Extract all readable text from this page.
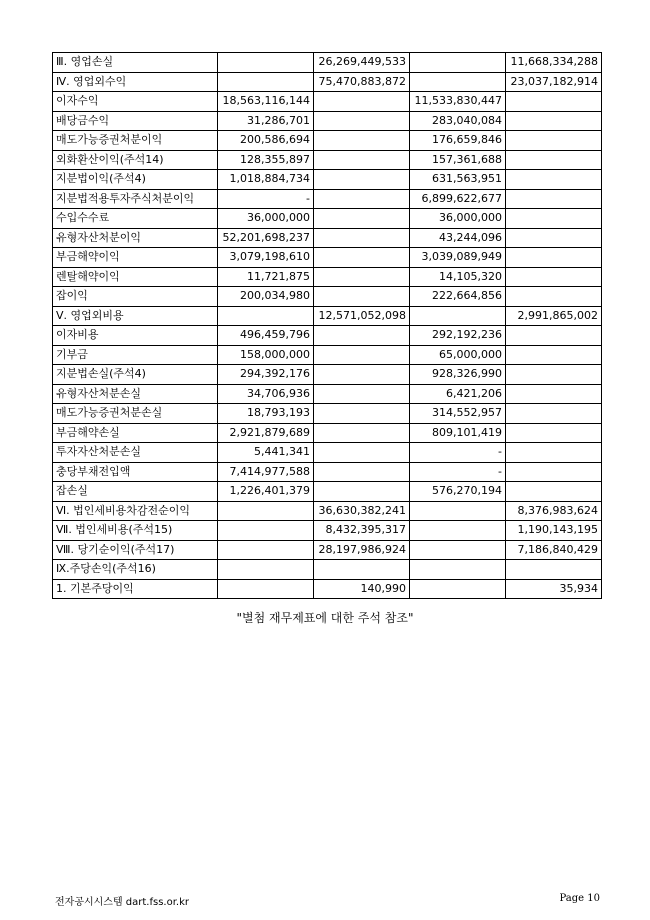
Ⅲ. 영업손실		26,269,449,533		11,668,334,288
Ⅳ. 영업외수익		75,470,883,872		23,037,182,914
이자수익	18,563,116,144		11,533,830,447	
배당금수익	31,286,701		283,040,084	
매도가능증권처분이익	200,586,694		176,659,846	
외화환산이익(주석14)	128,355,897		157,361,688	
지분법이익(주석4)	1,018,884,734		631,563,951	
지분법적용투자주식처분이익	-		6,899,622,677	
수입수수료	36,000,000		36,000,000	
유형자산처분이익	52,201,698,237		43,244,096	
부금해약이익	3,079,198,610		3,039,089,949	
렌탈해약이익	11,721,875		14,105,320	
잡이익	200,034,980		222,664,856	
Ⅴ. 영업외비용		12,571,052,098		2,991,865,002
이자비용	496,459,796		292,192,236	
기부금	158,000,000		65,000,000	
지분법손실(주석4)	294,392,176		928,326,990	
유형자산처분손실	34,706,936		6,421,206	
매도가능증권처분손실	18,793,193		314,552,957	
부금해약손실	2,921,879,689		809,101,419	
투자자산처분손실	5,441,341		-	
충당부채전입액	7,414,977,588		-	
잡손실	1,226,401,379		576,270,194	
Ⅵ. 법인세비용차감전순이익		36,630,382,241		8,376,983,624
Ⅶ. 법인세비용(주석15)		8,432,395,317		1,190,143,195
Ⅷ. 당기순이익(주석17)		28,197,986,924		7,186,840,429
Ⅸ.주당손익(주석16)				
1. 기본주당이익		140,990		35,934
"별첨 재무제표에 대한 주석 참조"
전자공시시스템 dart.fss.or.kr	Page 10
